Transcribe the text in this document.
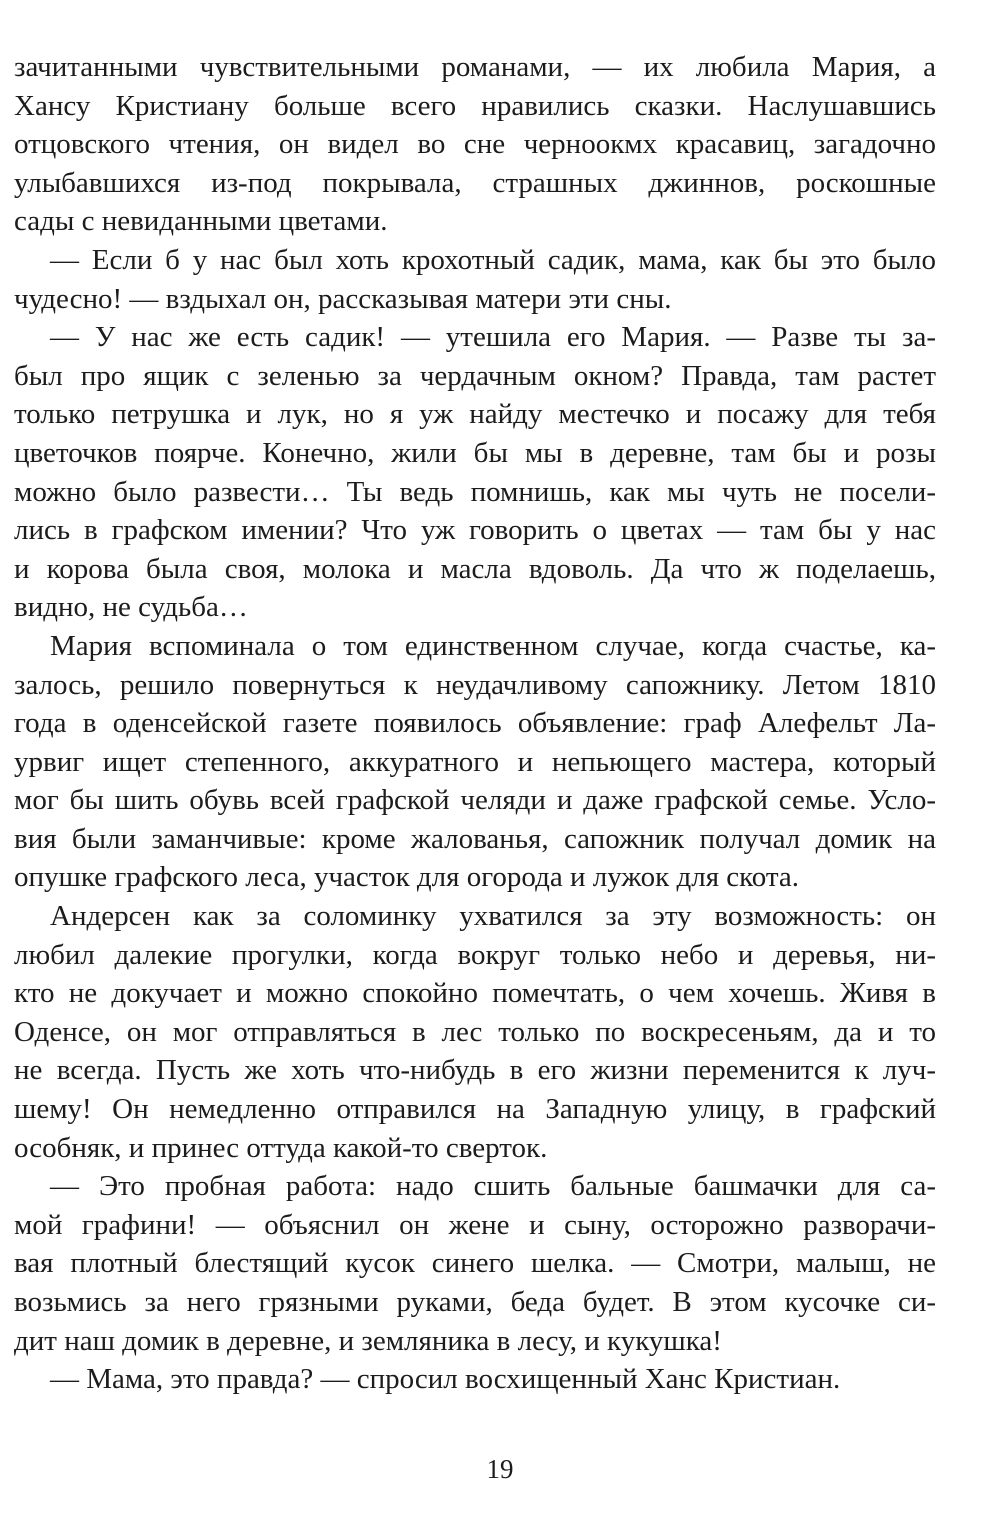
зачитанными чувствительными романами, — их любила Мария, а
Хансу Кристиану больше всего нравились сказки. Наслушавшись
отцовского чтения, он видел во сне черноокмх красавиц, загадочно
улыбавшихся из-под покрывала, страшных джиннов, роскошные
сады с невиданными цветами.
— Если б у нас был хоть крохотный садик, мама, как бы это было
чудесно! — вздыхал он, рассказывая матери эти сны.
— У нас же есть садик! — утешила его Мария. — Разве ты за-
был про ящик с зеленью за чердачным окном? Правда, там растет
только петрушка и лук, но я уж найду местечко и посажу для тебя
цветочков поярче. Конечно, жили бы мы в деревне, там бы и розы
можно было развести… Ты ведь помнишь, как мы чуть не посели-
лись в графском имении? Что уж говорить о цветах — там бы у нас
и корова была своя, молока и масла вдоволь. Да что ж поделаешь,
видно, не судьба…
Мария вспоминала о том единственном случае, когда счастье, ка-
залось, решило повернуться к неудачливому сапожнику. Летом 1810
года в оденсейской газете появилось объявление: граф Алефельт Ла-
урвиг ищет степенного, аккуратного и непьющего мастера, который
мог бы шить обувь всей графской челяди и даже графской семье. Усло-
вия были заманчивые: кроме жалованья, сапожник получал домик на
опушке графского леса, участок для огорода и лужок для скота.
Андерсен как за соломинку ухватился за эту возможность: он
любил далекие прогулки, когда вокруг только небо и деревья, ни-
кто не докучает и можно спокойно помечтать, о чем хочешь. Живя в
Оденсе, он мог отправляться в лес только по воскресеньям, да и то
не всегда. Пусть же хоть что-нибудь в его жизни переменится к луч-
шему! Он немедленно отправился на Западную улицу, в графский
особняк, и принес оттуда какой-то сверток.
— Это пробная работа: надо сшить бальные башмачки для са-
мой графини! — объяснил он жене и сыну, осторожно разворачи-
вая плотный блестящий кусок синего шелка. — Смотри, малыш, не
возьмись за него грязными руками, беда будет. В этом кусочке си-
дит наш домик в деревне, и земляника в лесу, и кукушка!
— Мама, это правда? — спросил восхищенный Ханс Кристиан.
19
